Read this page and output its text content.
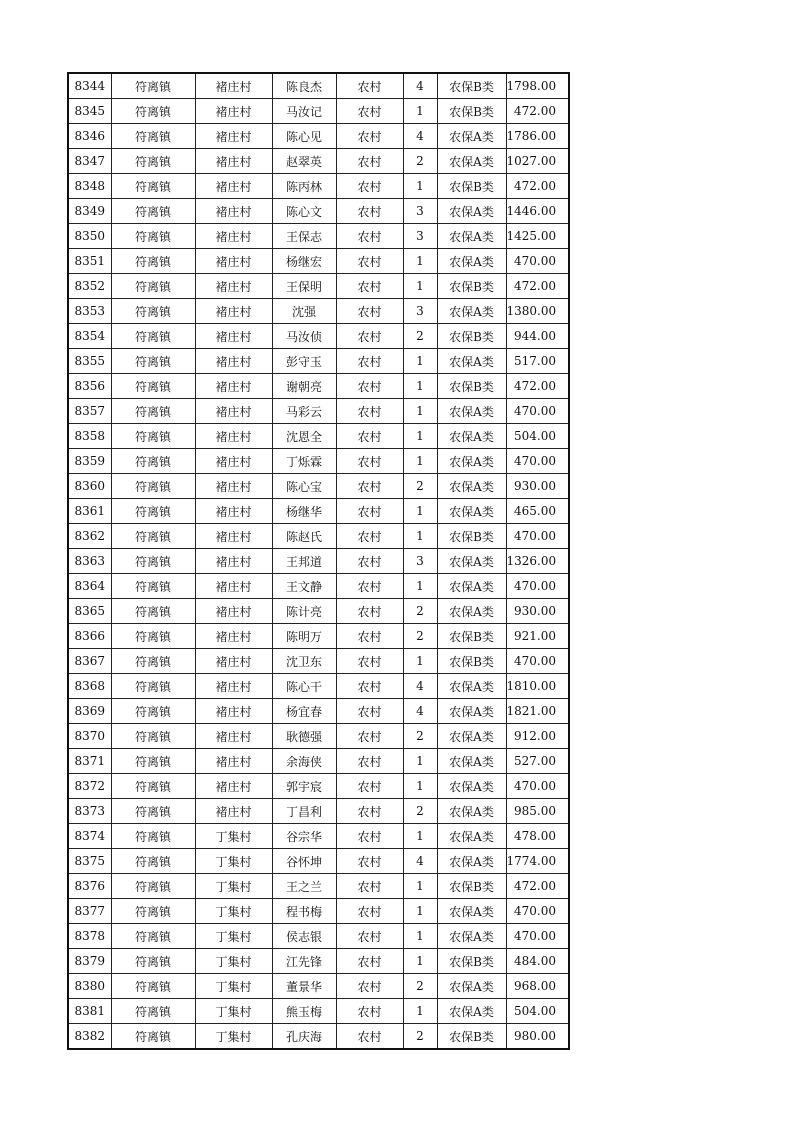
8344	符离镇	褚庄村	陈良杰	农村	4	农保B类	1798.00
8345	符离镇	褚庄村	马汝记	农村	1	农保B类	472.00
8346	符离镇	褚庄村	陈心见	农村	4	农保A类	1786.00
8347	符离镇	褚庄村	赵翠英	农村	2	农保A类	1027.00
8348	符离镇	褚庄村	陈丙林	农村	1	农保B类	472.00
8349	符离镇	褚庄村	陈心文	农村	3	农保A类	1446.00
8350	符离镇	褚庄村	王保志	农村	3	农保A类	1425.00
8351	符离镇	褚庄村	杨继宏	农村	1	农保A类	470.00
8352	符离镇	褚庄村	王保明	农村	1	农保B类	472.00
8353	符离镇	褚庄村	沈强	农村	3	农保A类	1380.00
8354	符离镇	褚庄村	马汝侦	农村	2	农保B类	944.00
8355	符离镇	褚庄村	彭守玉	农村	1	农保A类	517.00
8356	符离镇	褚庄村	谢朝亮	农村	1	农保B类	472.00
8357	符离镇	褚庄村	马彩云	农村	1	农保A类	470.00
8358	符离镇	褚庄村	沈恩全	农村	1	农保A类	504.00
8359	符离镇	褚庄村	丁烁霖	农村	1	农保A类	470.00
8360	符离镇	褚庄村	陈心宝	农村	2	农保A类	930.00
8361	符离镇	褚庄村	杨继华	农村	1	农保A类	465.00
8362	符离镇	褚庄村	陈赵氏	农村	1	农保B类	470.00
8363	符离镇	褚庄村	王邦道	农村	3	农保A类	1326.00
8364	符离镇	褚庄村	王文静	农村	1	农保A类	470.00
8365	符离镇	褚庄村	陈计亮	农村	2	农保A类	930.00
8366	符离镇	褚庄村	陈明万	农村	2	农保B类	921.00
8367	符离镇	褚庄村	沈卫东	农村	1	农保B类	470.00
8368	符离镇	褚庄村	陈心干	农村	4	农保A类	1810.00
8369	符离镇	褚庄村	杨宜春	农村	4	农保A类	1821.00
8370	符离镇	褚庄村	耿德强	农村	2	农保A类	912.00
8371	符离镇	褚庄村	余海侠	农村	1	农保A类	527.00
8372	符离镇	褚庄村	郭宇宸	农村	1	农保A类	470.00
8373	符离镇	褚庄村	丁昌利	农村	2	农保A类	985.00
8374	符离镇	丁集村	谷宗华	农村	1	农保A类	478.00
8375	符离镇	丁集村	谷怀坤	农村	4	农保A类	1774.00
8376	符离镇	丁集村	王之兰	农村	1	农保B类	472.00
8377	符离镇	丁集村	程书梅	农村	1	农保A类	470.00
8378	符离镇	丁集村	侯志银	农村	1	农保A类	470.00
8379	符离镇	丁集村	江先锋	农村	1	农保B类	484.00
8380	符离镇	丁集村	董景华	农村	2	农保A类	968.00
8381	符离镇	丁集村	熊玉梅	农村	1	农保A类	504.00
8382	符离镇	丁集村	孔庆海	农村	2	农保B类	980.00
